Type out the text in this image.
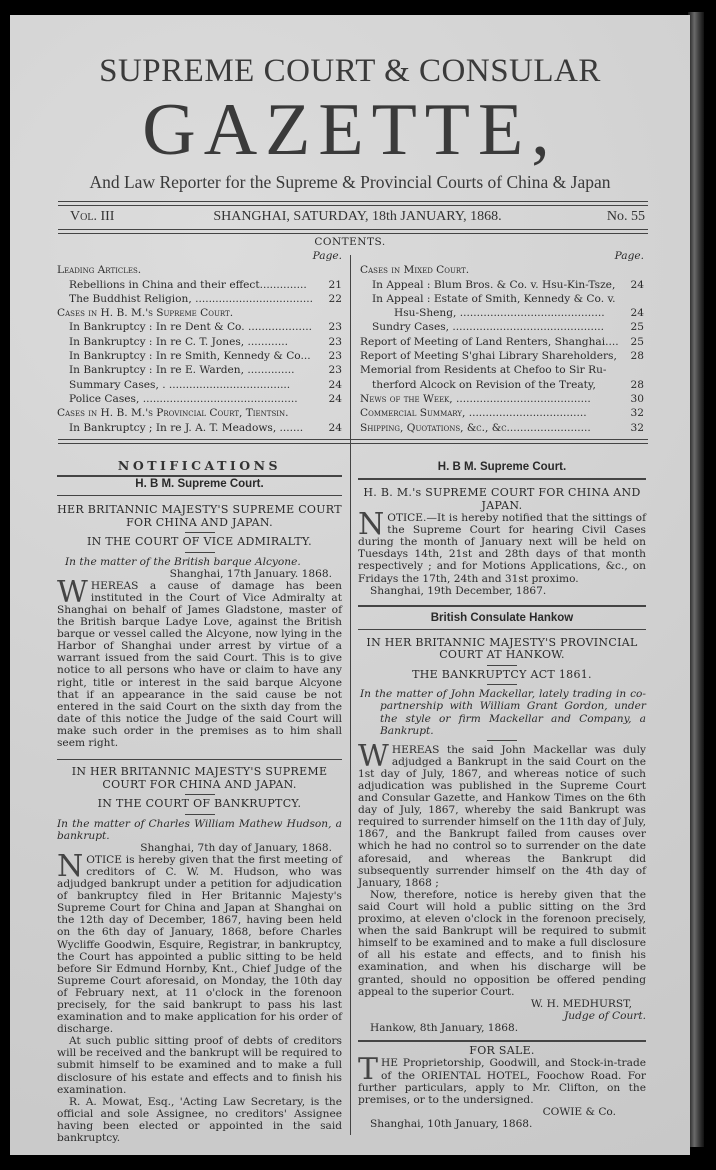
SUPREME COURT & CONSULAR
GAZETTE,
And Law Reporter for the Supreme & Provincial Courts of China & Japan
Vol. III	SHANGHAI, SATURDAY, 18th JANUARY, 1868.	No. 55
CONTENTS.
Page.
Leading Articles.
Rebellions in China and their effect..............	21
The Buddhist Religion, ...................................	22
Cases in H. B. M.'s Supreme Court.
In Bankruptcy : In re Dent & Co. ...................	23
In Bankruptcy : In re C. T. Jones, ............	23
In Bankruptcy : In re Smith, Kennedy & Co...	23
In Bankruptcy : In re E. Warden, ..............	23
Summary Cases, . ....................................	24
Police Cases, ..............................................	24
Cases in H. B. M.'s Provincial Court, Tientsin.
In Bankruptcy ; In re J. A. T. Meadows, .......	24
Page.
Cases in Mixed Court.
In Appeal : Blum Bros. & Co. v. Hsu-Kin-Tsze,	24
In Appeal : Estate of Smith, Kennedy & Co. v.
Hsu-Sheng, ...........................................	24
Sundry Cases, .............................................	25
Report of Meeting of Land Renters, Shanghai....	25
Report of Meeting S'ghai Library Shareholders,	28
Memorial from Residents at Chefoo to Sir Ru-
therford Alcock on Revision of the Treaty,	28
News of the Week, ........................................	30
Commercial Summary, ...................................	32
Shipping, Quotations, &c., &c.........................	32
NOTIFICATIONS
H. B M. Supreme Court.
HER BRITANNIC MAJESTY'S SUPREME COURT FOR CHINA AND JAPAN.
IN THE COURT OF VICE ADMIRALTY.

In the matter of the British barque Alcyone.

Shanghai, 17th January. 1868.

WHEREAS a cause of damage has been instituted in the Court of Vice Admiralty at Shanghai on behalf of James Gladstone, master of the British barque Ladye Love, against the British barque or vessel called the Alcyone, now lying in the Harbor of Shanghai under arrest by virtue of a warrant issued from the said Court. This is to give notice to all persons who have or claim to have any right, title or interest in the said barque Alcyone that if an appearance in the said cause be not entered in the said Court on the sixth day from the date of this notice the Judge of the said Court will make such order in the premises as to him shall seem right.

IN HER BRITANNIC MAJESTY'S SUPREME COURT FOR CHINA AND JAPAN.
IN THE COURT OF BANKRUPTCY.

In the matter of Charles William Mathew Hudson, a bankrupt.

Shanghai, 7th day of January, 1868.

NOTICE is hereby given that the first meeting of creditors of C. W. M. Hudson, who was adjudged bankrupt under a petition for adjudication of bankruptcy filed in Her Britannic Majesty's Supreme Court for China and Japan at Shanghai on the 12th day of December, 1867, having been held on the 6th day of January, 1868, before Charles Wycliffe Goodwin, Esquire, Registrar, in bankruptcy, the Court has appointed a public sitting to be held before Sir Edmund Hornby, Knt., Chief Judge of the Supreme Court aforesaid, on Monday, the 10th day of February next, at 11 o'clock in the forenoon precisely, for the said bankrupt to pass his last examination and to make application for his order of discharge.

At such public sitting proof of debts of creditors will be received and the bankrupt will be required to submit himself to be examined and to make a full disclosure of his estate and effects and to finish his examination.

R. A. Mowat, Esq., 'Acting Law Secretary, is the official and sole Assignee, no creditors' Assignee having been elected or appointed in the said bankruptcy.

H. B M. Supreme Court.
H. B. M.'s SUPREME COURT FOR CHINA AND JAPAN.

NOTICE.—It is hereby notified that the sittings of the Supreme Court for hearing Civil Cases during the month of January next will be held on Tuesdays 14th, 21st and 28th days of that month respectively ; and for Motions Applications, &c., on Fridays the 17th, 24th and 31st proximo.

Shanghai, 19th December, 1867.

British Consulate Hankow
IN HER BRITANNIC MAJESTY'S PROVINCIAL COURT AT HANKOW.
THE BANKRUPTCY ACT 1861.

In the matter of John Mackellar, lately trading in co-partnership with William Grant Gordon, under the style or firm Mackellar and Company, a Bankrupt.

WHEREAS the said John Mackellar was duly adjudged a Bankrupt in the said Court on the 1st day of July, 1867, and whereas notice of such adjudication was published in the Supreme Court and Consular Gazette, and Hankow Times on the 6th day of July, 1867, whereby the said Bankrupt was required to surrender himself on the 11th day of July, 1867, and the Bankrupt failed from causes over which he had no control so to surrender on the date aforesaid, and whereas the Bankrupt did subsequently surrender himself on the 4th day of January, 1868 ;

Now, therefore, notice is hereby given that the said Court will hold a public sitting on the 3rd proximo, at eleven o'clock in the forenoon precisely, when the said Bankrupt will be required to submit himself to be examined and to make a full disclosure of all his estate and effects, and to finish his examination, and when his discharge will be granted, should no opposition be offered pending appeal to the superior Court.

W. H. MEDHURST,

Judge of Court.

Hankow, 8th January, 1868.

FOR SALE.

THE Proprietorship, Goodwill, and Stock-in-trade of the ORIENTAL HOTEL, Foochow Road. For further particulars, apply to Mr. Clifton, on the premises, or to the undersigned.

COWIE & Co.

Shanghai, 10th January, 1868.
